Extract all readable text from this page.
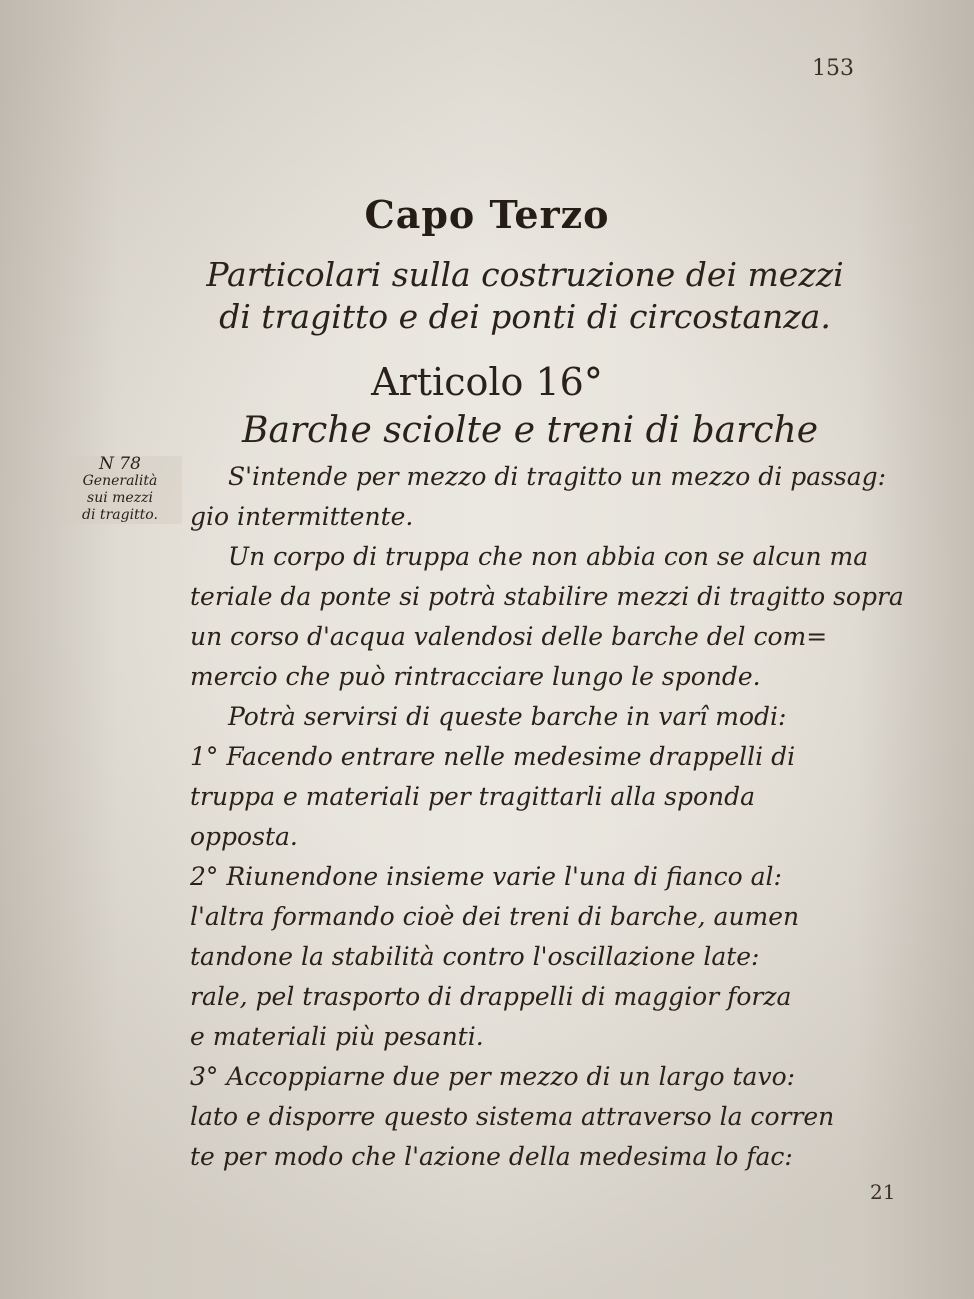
153
Capo Terzo
Particolari sulla costruzione dei mezzi
di tragitto e dei ponti di circostanza.
Articolo 16°
Barche sciolte e treni di barche
N 78
Generalità
sui mezzi
di tragitto.
S'intende per mezzo di tragitto un mezzo di passag:
gio intermittente.
Un corpo di truppa che non abbia con se alcun ma
teriale da ponte si potrà stabilire mezzi di tragitto sopra
un corso d'acqua valendosi delle barche del com=
mercio che può rintracciare lungo le sponde.
Potrà servirsi di queste barche in varî modi:
1° Facendo entrare nelle medesime drappelli di
truppa e materiali per tragittarli alla sponda
opposta.
2° Riunendone insieme varie l'una di fianco al:
l'altra formando cioè dei treni di barche, aumen
tandone la stabilità contro l'oscillazione late:
rale, pel trasporto di drappelli di maggior forza
e materiali più pesanti.
3° Accoppiarne due per mezzo di un largo tavo:
lato e disporre questo sistema attraverso la corren
te per modo che l'azione della medesima lo fac:
21
